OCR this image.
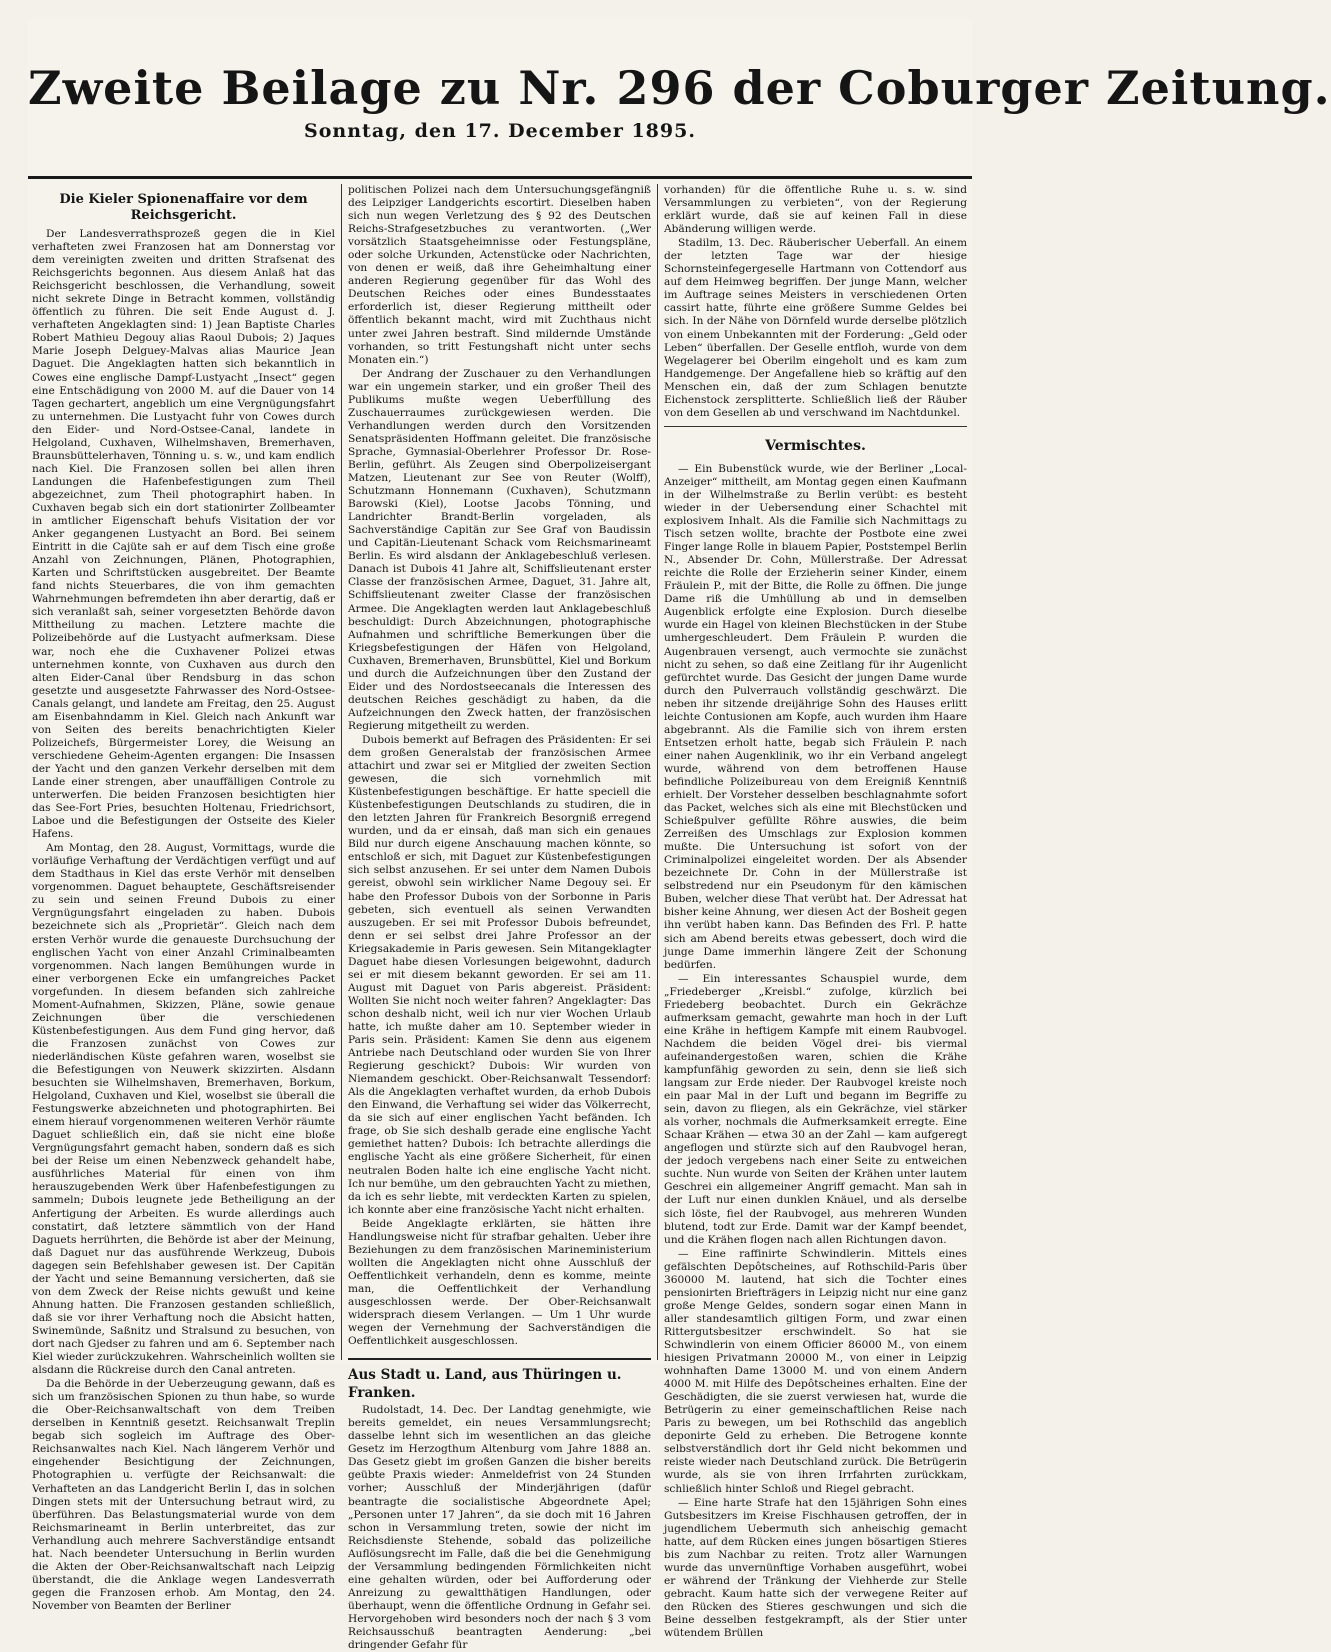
Zweite Beilage zu Nr. 296 der Coburger Zeitung.
Sonntag, den 17. December 1895.
Die Kieler Spionenaffaire vor dem Reichsgericht.

Der Landesverrathsprozeß gegen die in Kiel verhafteten zwei Franzosen hat am Donnerstag vor dem vereinigten zweiten und dritten Strafsenat des Reichsgerichts begonnen. Aus diesem Anlaß hat das Reichsgericht beschlossen, die Verhandlung, soweit nicht sekrete Dinge in Betracht kommen, vollständig öffentlich zu führen. Die seit Ende August d. J. verhafteten Angeklagten sind: 1) Jean Baptiste Charles Robert Mathieu Degouy alias Raoul Dubois; 2) Jaques Marie Joseph Delguey-Malvas alias Maurice Jean Daguet. Die Angeklagten hatten sich bekanntlich in Cowes eine englische Dampf-Lustyacht „Insect“ gegen eine Entschädigung von 2000 M. auf die Dauer von 14 Tagen gechartert, angeblich um eine Vergnügungsfahrt zu unternehmen. Die Lustyacht fuhr von Cowes durch den Eider- und Nord-Ostsee-Canal, landete in Helgoland, Cuxhaven, Wilhelmshaven, Bremerhaven, Braunsbüttelerhaven, Tönning u. s. w., und kam endlich nach Kiel. Die Franzosen sollen bei allen ihren Landungen die Hafenbefestigungen zum Theil abgezeichnet, zum Theil photographirt haben. In Cuxhaven begab sich ein dort stationirter Zollbeamter in amtlicher Eigenschaft behufs Visitation der vor Anker gegangenen Lustyacht an Bord. Bei seinem Eintritt in die Cajüte sah er auf dem Tisch eine große Anzahl von Zeichnungen, Plänen, Photographien, Karten und Schriftstücken ausgebreitet. Der Beamte fand nichts Steuerbares, die von ihm gemachten Wahrnehmungen befremdeten ihn aber derartig, daß er sich veranlaßt sah, seiner vorgesetzten Behörde davon Mittheilung zu machen. Letztere machte die Polizeibehörde auf die Lustyacht aufmerksam. Diese war, noch ehe die Cuxhavener Polizei etwas unternehmen konnte, von Cuxhaven aus durch den alten Eider-Canal über Rendsburg in das schon gesetzte und ausgesetzte Fahrwasser des Nord-Ostsee-Canals gelangt, und landete am Freitag, den 25. August am Eisenbahndamm in Kiel. Gleich nach Ankunft war von Seiten des bereits benachrichtigten Kieler Polizeichefs, Bürgermeister Lorey, die Weisung an verschiedene Geheim-Agenten ergangen: Die Insassen der Yacht und den ganzen Verkehr derselben mit dem Lande einer strengen, aber unauffälligen Controle zu unterwerfen. Die beiden Franzosen besichtigten hier das See-Fort Pries, besuchten Holtenau, Friedrichsort, Laboe und die Befestigungen der Ostseite des Kieler Hafens.

Am Montag, den 28. August, Vormittags, wurde die vorläufige Verhaftung der Verdächtigen verfügt und auf dem Stadthaus in Kiel das erste Verhör mit denselben vorgenommen. Daguet behauptete, Geschäftsreisender zu sein und seinen Freund Dubois zu einer Vergnügungsfahrt eingeladen zu haben. Dubois bezeichnete sich als „Proprietär“. Gleich nach dem ersten Verhör wurde die genaueste Durchsuchung der englischen Yacht von einer Anzahl Criminalbeamten vorgenommen. Nach langen Bemühungen wurde in einer verborgenen Ecke ein umfangreiches Packet vorgefunden. In diesem befanden sich zahlreiche Moment-Aufnahmen, Skizzen, Pläne, sowie genaue Zeichnungen über die verschiedenen Küstenbefestigungen. Aus dem Fund ging hervor, daß die Franzosen zunächst von Cowes zur niederländischen Küste gefahren waren, woselbst sie die Befestigungen von Neuwerk skizzirten. Alsdann besuchten sie Wilhelmshaven, Bremerhaven, Borkum, Helgoland, Cuxhaven und Kiel, woselbst sie überall die Festungswerke abzeichneten und photographirten. Bei einem hierauf vorgenommenen weiteren Verhör räumte Daguet schließlich ein, daß sie nicht eine bloße Vergnügungsfahrt gemacht haben, sondern daß es sich bei der Reise um einen Nebenzweck gehandelt habe, ausführliches Material für einen von ihm herauszugebenden Werk über Hafenbefestigungen zu sammeln; Dubois leugnete jede Betheiligung an der Anfertigung der Arbeiten. Es wurde allerdings auch constatirt, daß letztere sämmtlich von der Hand Daguets herrührten, die Behörde ist aber der Meinung, daß Daguet nur das ausführende Werkzeug, Dubois dagegen sein Befehlshaber gewesen ist. Der Capitän der Yacht und seine Bemannung versicherten, daß sie von dem Zweck der Reise nichts gewußt und keine Ahnung hatten. Die Franzosen gestanden schließlich, daß sie vor ihrer Verhaftung noch die Absicht hatten, Swinemünde, Saßnitz und Stralsund zu besuchen, von dort nach Gjedser zu fahren und am 6. September nach Kiel wieder zurückzukehren. Wahrscheinlich wollten sie alsdann die Rückreise durch den Canal antreten.

Da die Behörde in der Ueberzeugung gewann, daß es sich um französischen Spionen zu thun habe, so wurde die Ober-Reichsanwaltschaft von dem Treiben derselben in Kenntniß gesetzt. Reichsanwalt Treplin begab sich sogleich im Auftrage des Ober-Reichsanwaltes nach Kiel. Nach längerem Verhör und eingehender Besichtigung der Zeichnungen, Photographien u. verfügte der Reichsanwalt: die Verhafteten an das Landgericht Berlin I, das in solchen Dingen stets mit der Untersuchung betraut wird, zu überführen. Das Belastungsmaterial wurde von dem Reichsmarineamt in Berlin unterbreitet, das zur Verhandlung auch mehrere Sachverständige entsandt hat. Nach beendeter Untersuchung in Berlin wurden die Akten der Ober-Reichsanwaltschaft nach Leipzig überstandt, die die Anklage wegen Landesverrath gegen die Franzosen erhob. Am Montag, den 24. November von Beamten der Berliner

politischen Polizei nach dem Untersuchungsgefängniß des Leipziger Landgerichts escortirt. Dieselben haben sich nun wegen Verletzung des § 92 des Deutschen Reichs-Strafgesetzbuches zu verantworten. („Wer vorsätzlich Staatsgeheimnisse oder Festungspläne, oder solche Urkunden, Actenstücke oder Nachrichten, von denen er weiß, daß ihre Geheimhaltung einer anderen Regierung gegenüber für das Wohl des Deutschen Reiches oder eines Bundesstaates erforderlich ist, dieser Regierung mittheilt oder öffentlich bekannt macht, wird mit Zuchthaus nicht unter zwei Jahren bestraft. Sind mildernde Umstände vorhanden, so tritt Festungshaft nicht unter sechs Monaten ein.“)

Der Andrang der Zuschauer zu den Verhandlungen war ein ungemein starker, und ein großer Theil des Publikums mußte wegen Ueberfüllung des Zuschauerraumes zurückgewiesen werden. Die Verhandlungen werden durch den Vorsitzenden Senatspräsidenten Hoffmann geleitet. Die französische Sprache, Gymnasial-Oberlehrer Professor Dr. Rose-Berlin, geführt. Als Zeugen sind Oberpolizeisergant Matzen, Lieutenant zur See von Reuter (Wolff), Schutzmann Honnemann (Cuxhaven), Schutzmann Barowski (Kiel), Lootse Jacobs Tönning, und Landrichter Brandt-Berlin vorgeladen, als Sachverständige Capitän zur See Graf von Baudissin und Capitän-Lieutenant Schack vom Reichsmarineamt Berlin. Es wird alsdann der Anklagebeschluß verlesen. Danach ist Dubois 41 Jahre alt, Schiffslieutenant erster Classe der französischen Armee, Daguet, 31. Jahre alt, Schiffslieutenant zweiter Classe der französischen Armee. Die Angeklagten werden laut Anklagebeschluß beschuldigt: Durch Abzeichnungen, photographische Aufnahmen und schriftliche Bemerkungen über die Kriegsbefestigungen der Häfen von Helgoland, Cuxhaven, Bremerhaven, Brunsbüttel, Kiel und Borkum und durch die Aufzeichnungen über den Zustand der Eider und des Nordostseecanals die Interessen des deutschen Reiches geschädigt zu haben, da die Aufzeichnungen den Zweck hatten, der französischen Regierung mitgetheilt zu werden.

Dubois bemerkt auf Befragen des Präsidenten: Er sei dem großen Generalstab der französischen Armee attachirt und zwar sei er Mitglied der zweiten Section gewesen, die sich vornehmlich mit Küstenbefestigungen beschäftige. Er hatte speciell die Küstenbefestigungen Deutschlands zu studiren, die in den letzten Jahren für Frankreich Besorgniß erregend wurden, und da er einsah, daß man sich ein genaues Bild nur durch eigene Anschauung machen könnte, so entschloß er sich, mit Daguet zur Küstenbefestigungen sich selbst anzusehen. Er sei unter dem Namen Dubois gereist, obwohl sein wirklicher Name Degouy sei. Er habe den Professor Dubois von der Sorbonne in Paris gebeten, sich eventuell als seinen Verwandten auszugeben. Er sei mit Professor Dubois befreundet, denn er sei selbst drei Jahre Professor an der Kriegsakademie in Paris gewesen. Sein Mitangeklagter Daguet habe diesen Vorlesungen beigewohnt, dadurch sei er mit diesem bekannt geworden. Er sei am 11. August mit Daguet von Paris abgereist. Präsident: Wollten Sie nicht noch weiter fahren? Angeklagter: Das schon deshalb nicht, weil ich nur vier Wochen Urlaub hatte, ich mußte daher am 10. September wieder in Paris sein. Präsident: Kamen Sie denn aus eigenem Antriebe nach Deutschland oder wurden Sie von Ihrer Regierung geschickt? Dubois: Wir wurden von Niemandem geschickt. Ober-Reichsanwalt Tessendorf: Als die Angeklagten verhaftet wurden, da erhob Dubois den Einwand, die Verhaftung sei wider das Völkerrecht, da sie sich auf einer englischen Yacht befänden. Ich frage, ob Sie sich deshalb gerade eine englische Yacht gemiethet hatten? Dubois: Ich betrachte allerdings die englische Yacht als eine größere Sicherheit, für einen neutralen Boden halte ich eine englische Yacht nicht. Ich nur bemühe, um den gebrauchten Yacht zu miethen, da ich es sehr liebte, mit verdeckten Karten zu spielen, ich konnte aber eine französische Yacht nicht erhalten.

Beide Angeklagte erklärten, sie hätten ihre Handlungsweise nicht für strafbar gehalten. Ueber ihre Beziehungen zu dem französischen Marineministerium wollten die Angeklagten nicht ohne Ausschluß der Oeffentlichkeit verhandeln, denn es komme, meinte man, die Oeffentlichkeit der Verhandlung ausgeschlossen werde. Der Ober-Reichsanwalt widersprach diesem Verlangen. — Um 1 Uhr wurde wegen der Vernehmung der Sachverständigen die Oeffentlichkeit ausgeschlossen.

Aus Stadt u. Land, aus Thüringen u. Franken.

Rudolstadt, 14. Dec. Der Landtag genehmigte, wie bereits gemeldet, ein neues Versammlungsrecht; dasselbe lehnt sich im wesentlichen an das gleiche Gesetz im Herzogthum Altenburg vom Jahre 1888 an. Das Gesetz giebt im großen Ganzen die bisher bereits geübte Praxis wieder: Anmeldefrist von 24 Stunden vorher; Ausschluß der Minderjährigen (dafür beantragte die socialistische Abgeordnete Apel; „Personen unter 17 Jahren“, da sie doch mit 16 Jahren schon in Versammlung treten, sowie der nicht im Reichsdienste Stehende, sobald das polizeiliche Auflösungsrecht im Falle, daß die bei die Genehmigung der Versammlung bedingenden Förmlichkeiten nicht eine gehalten würden, oder bei Aufforderung oder Anreizung zu gewaltthätigen Handlungen, oder überhaupt, wenn die öffentliche Ordnung in Gefahr sei. Hervorgehoben wird besonders noch der nach § 3 vom Reichsausschuß beantragten Aenderung: „bei dringender Gefahr für

vorhanden) für die öffentliche Ruhe u. s. w. sind Versammlungen zu verbieten“, von der Regierung erklärt wurde, daß sie auf keinen Fall in diese Abänderung willigen werde.

Stadilm, 13. Dec. Räuberischer Ueberfall. An einem der letzten Tage war der hiesige Schornsteinfegergeselle Hartmann von Cottendorf aus auf dem Heimweg begriffen. Der junge Mann, welcher im Auftrage seines Meisters in verschiedenen Orten cassirt hatte, führte eine größere Summe Geldes bei sich. In der Nähe von Dörnfeld wurde derselbe plötzlich von einem Unbekannten mit der Forderung: „Geld oder Leben“ überfallen. Der Geselle entfloh, wurde von dem Wegelagerer bei Oberilm eingeholt und es kam zum Handgemenge. Der Angefallene hieb so kräftig auf den Menschen ein, daß der zum Schlagen benutzte Eichenstock zersplitterte. Schließlich ließ der Räuber von dem Gesellen ab und verschwand im Nachtdunkel.

Vermischtes.

— Ein Bubenstück wurde, wie der Berliner „Local-Anzeiger“ mittheilt, am Montag gegen einen Kaufmann in der Wilhelmstraße zu Berlin verübt: es besteht wieder in der Uebersendung einer Schachtel mit explosivem Inhalt. Als die Familie sich Nachmittags zu Tisch setzen wollte, brachte der Postbote eine zwei Finger lange Rolle in blauem Papier, Poststempel Berlin N., Absender Dr. Cohn, Müllerstraße. Der Adressat reichte die Rolle der Erzieherin seiner Kinder, einem Fräulein P., mit der Bitte, die Rolle zu öffnen. Die junge Dame riß die Umhüllung ab und in demselben Augenblick erfolgte eine Explosion. Durch dieselbe wurde ein Hagel von kleinen Blechstücken in der Stube umhergeschleudert. Dem Fräulein P. wurden die Augenbrauen versengt, auch vermochte sie zunächst nicht zu sehen, so daß eine Zeitlang für ihr Augenlicht gefürchtet wurde. Das Gesicht der jungen Dame wurde durch den Pulverrauch vollständig geschwärzt. Die neben ihr sitzende dreijährige Sohn des Hauses erlitt leichte Contusionen am Kopfe, auch wurden ihm Haare abgebrannt. Als die Familie sich von ihrem ersten Entsetzen erholt hatte, begab sich Fräulein P. nach einer nahen Augenklinik, wo ihr ein Verband angelegt wurde, während von dem betroffenen Hause befindliche Polizeibureau von dem Ereigniß Kenntniß erhielt. Der Vorsteher desselben beschlagnahmte sofort das Packet, welches sich als eine mit Blechstücken und Schießpulver gefüllte Röhre auswies, die beim Zerreißen des Umschlags zur Explosion kommen mußte. Die Untersuchung ist sofort von der Criminalpolizei eingeleitet worden. Der als Absender bezeichnete Dr. Cohn in der Müllerstraße ist selbstredend nur ein Pseudonym für den kämischen Buben, welcher diese That verübt hat. Der Adressat hat bisher keine Ahnung, wer diesen Act der Bosheit gegen ihn verübt haben kann. Das Befinden des Frl. P. hatte sich am Abend bereits etwas gebessert, doch wird die junge Dame immerhin längere Zeit der Schonung bedürfen.

— Ein interessantes Schauspiel wurde, dem „Friedeberger „Kreisbl.“ zufolge, kürzlich bei Friedeberg beobachtet. Durch ein Gekrächze aufmerksam gemacht, gewahrte man hoch in der Luft eine Krähe in heftigem Kampfe mit einem Raubvogel. Nachdem die beiden Vögel drei- bis viermal aufeinandergestoßen waren, schien die Krähe kampfunfähig geworden zu sein, denn sie ließ sich langsam zur Erde nieder. Der Raubvogel kreiste noch ein paar Mal in der Luft und begann im Begriffe zu sein, davon zu fliegen, als ein Gekrächze, viel stärker als vorher, nochmals die Aufmerksamkeit erregte. Eine Schaar Krähen — etwa 30 an der Zahl — kam aufgeregt angeflogen und stürzte sich auf den Raubvogel heran, der jedoch vergebens nach einer Seite zu entweichen suchte. Nun wurde von Seiten der Krähen unter lautem Geschrei ein allgemeiner Angriff gemacht. Man sah in der Luft nur einen dunklen Knäuel, und als derselbe sich löste, fiel der Raubvogel, aus mehreren Wunden blutend, todt zur Erde. Damit war der Kampf beendet, und die Krähen flogen nach allen Richtungen davon.

— Eine raffinirte Schwindlerin. Mittels eines gefälschten Depôtscheines, auf Rothschild-Paris über 360000 M. lautend, hat sich die Tochter eines pensionirten Briefträgers in Leipzig nicht nur eine ganz große Menge Geldes, sondern sogar einen Mann in aller standesamtlich giltigen Form, und zwar einen Rittergutsbesitzer erschwindelt. So hat sie Schwindlerin von einem Officier 86000 M., von einem hiesigen Privatmann 20000 M., von einer in Leipzig wohnhaften Dame 13000 M. und von einem Andern 4000 M. mit Hilfe des Depôtscheines erhalten. Eine der Geschädigten, die sie zuerst verwiesen hat, wurde die Betrügerin zu einer gemeinschaftlichen Reise nach Paris zu bewegen, um bei Rothschild das angeblich deponirte Geld zu erheben. Die Betrogene konnte selbstverständlich dort ihr Geld nicht bekommen und reiste wieder nach Deutschland zurück. Die Betrügerin wurde, als sie von ihren Irrfahrten zurückkam, schließlich hinter Schloß und Riegel gebracht.

— Eine harte Strafe hat den 15jährigen Sohn eines Gutsbesitzers im Kreise Fischhausen getroffen, der in jugendlichem Uebermuth sich anheischig gemacht hatte, auf dem Rücken eines jungen bösartigen Stieres bis zum Nachbar zu reiten. Trotz aller Warnungen wurde das unvernünftige Vorhaben ausgeführt, wobei er während der Tränkung der Viehherde zur Stelle gebracht. Kaum hatte sich der verwegene Reiter auf den Rücken des Stieres geschwungen und sich die Beine desselben festgekrampft, als der Stier unter wütendem Brüllen
